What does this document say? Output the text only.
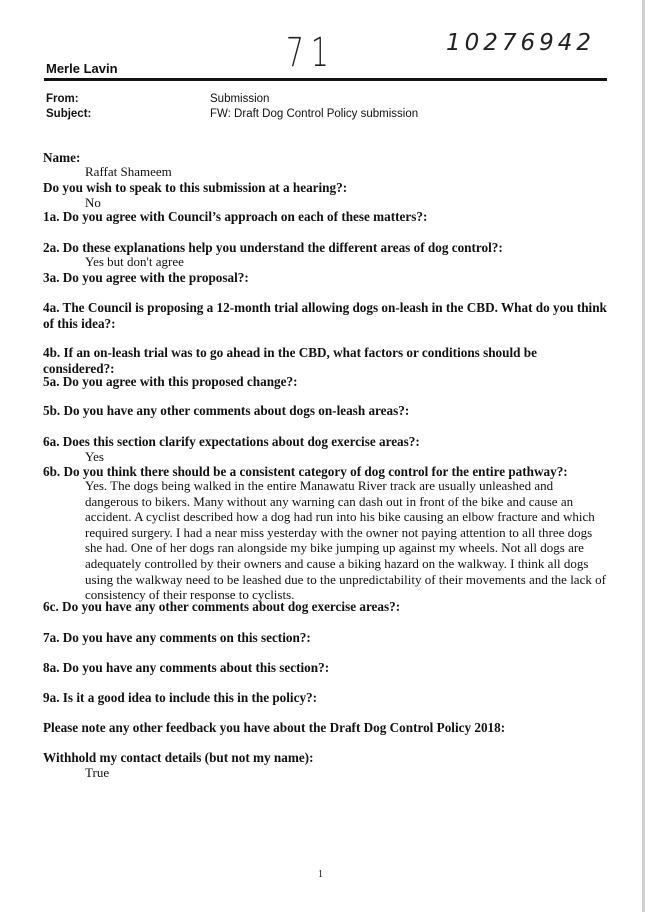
71	10276942
Merle Lavin
From:	Submission
Subject:	FW: Draft Dog Control Policy submission
Name:
Raffat Shameem
Do you wish to speak to this submission at a hearing?:
No
1a. Do you agree with Council’s approach on each of these matters?:
2a. Do these explanations help you understand the different areas of dog control?:
Yes but don't agree
3a. Do you agree with the proposal?:
4a. The Council is proposing a 12-month trial allowing dogs on-leash in the CBD. What do you think of this idea?:
4b. If an on-leash trial was to go ahead in the CBD, what factors or conditions should be considered?:
5a. Do you agree with this proposed change?:
5b. Do you have any other comments about dogs on-leash areas?:
6a. Does this section clarify expectations about dog exercise areas?:
Yes
6b. Do you think there should be a consistent category of dog control for the entire pathway?:
Yes. The dogs being walked in the entire Manawatu River track are usually unleashed and dangerous to bikers. Many without any warning can dash out in front of the bike and cause an accident. A cyclist described how a dog had run into his bike causing an elbow fracture and which required surgery. I had a near miss yesterday with the owner not paying attention to all three dogs she had. One of her dogs ran alongside my bike jumping up against my wheels. Not all dogs are adequately controlled by their owners and cause a biking hazard on the walkway. I think all dogs using the walkway need to be leashed due to the unpredictability of their movements and the lack of consistency of their response to cyclists.
6c. Do you have any other comments about dog exercise areas?:
7a. Do you have any comments on this section?:
8a. Do you have any comments about this section?:
9a. Is it a good idea to include this in the policy?:
Please note any other feedback you have about the Draft Dog Control Policy 2018:
Withhold my contact details (but not my name):
True
1
